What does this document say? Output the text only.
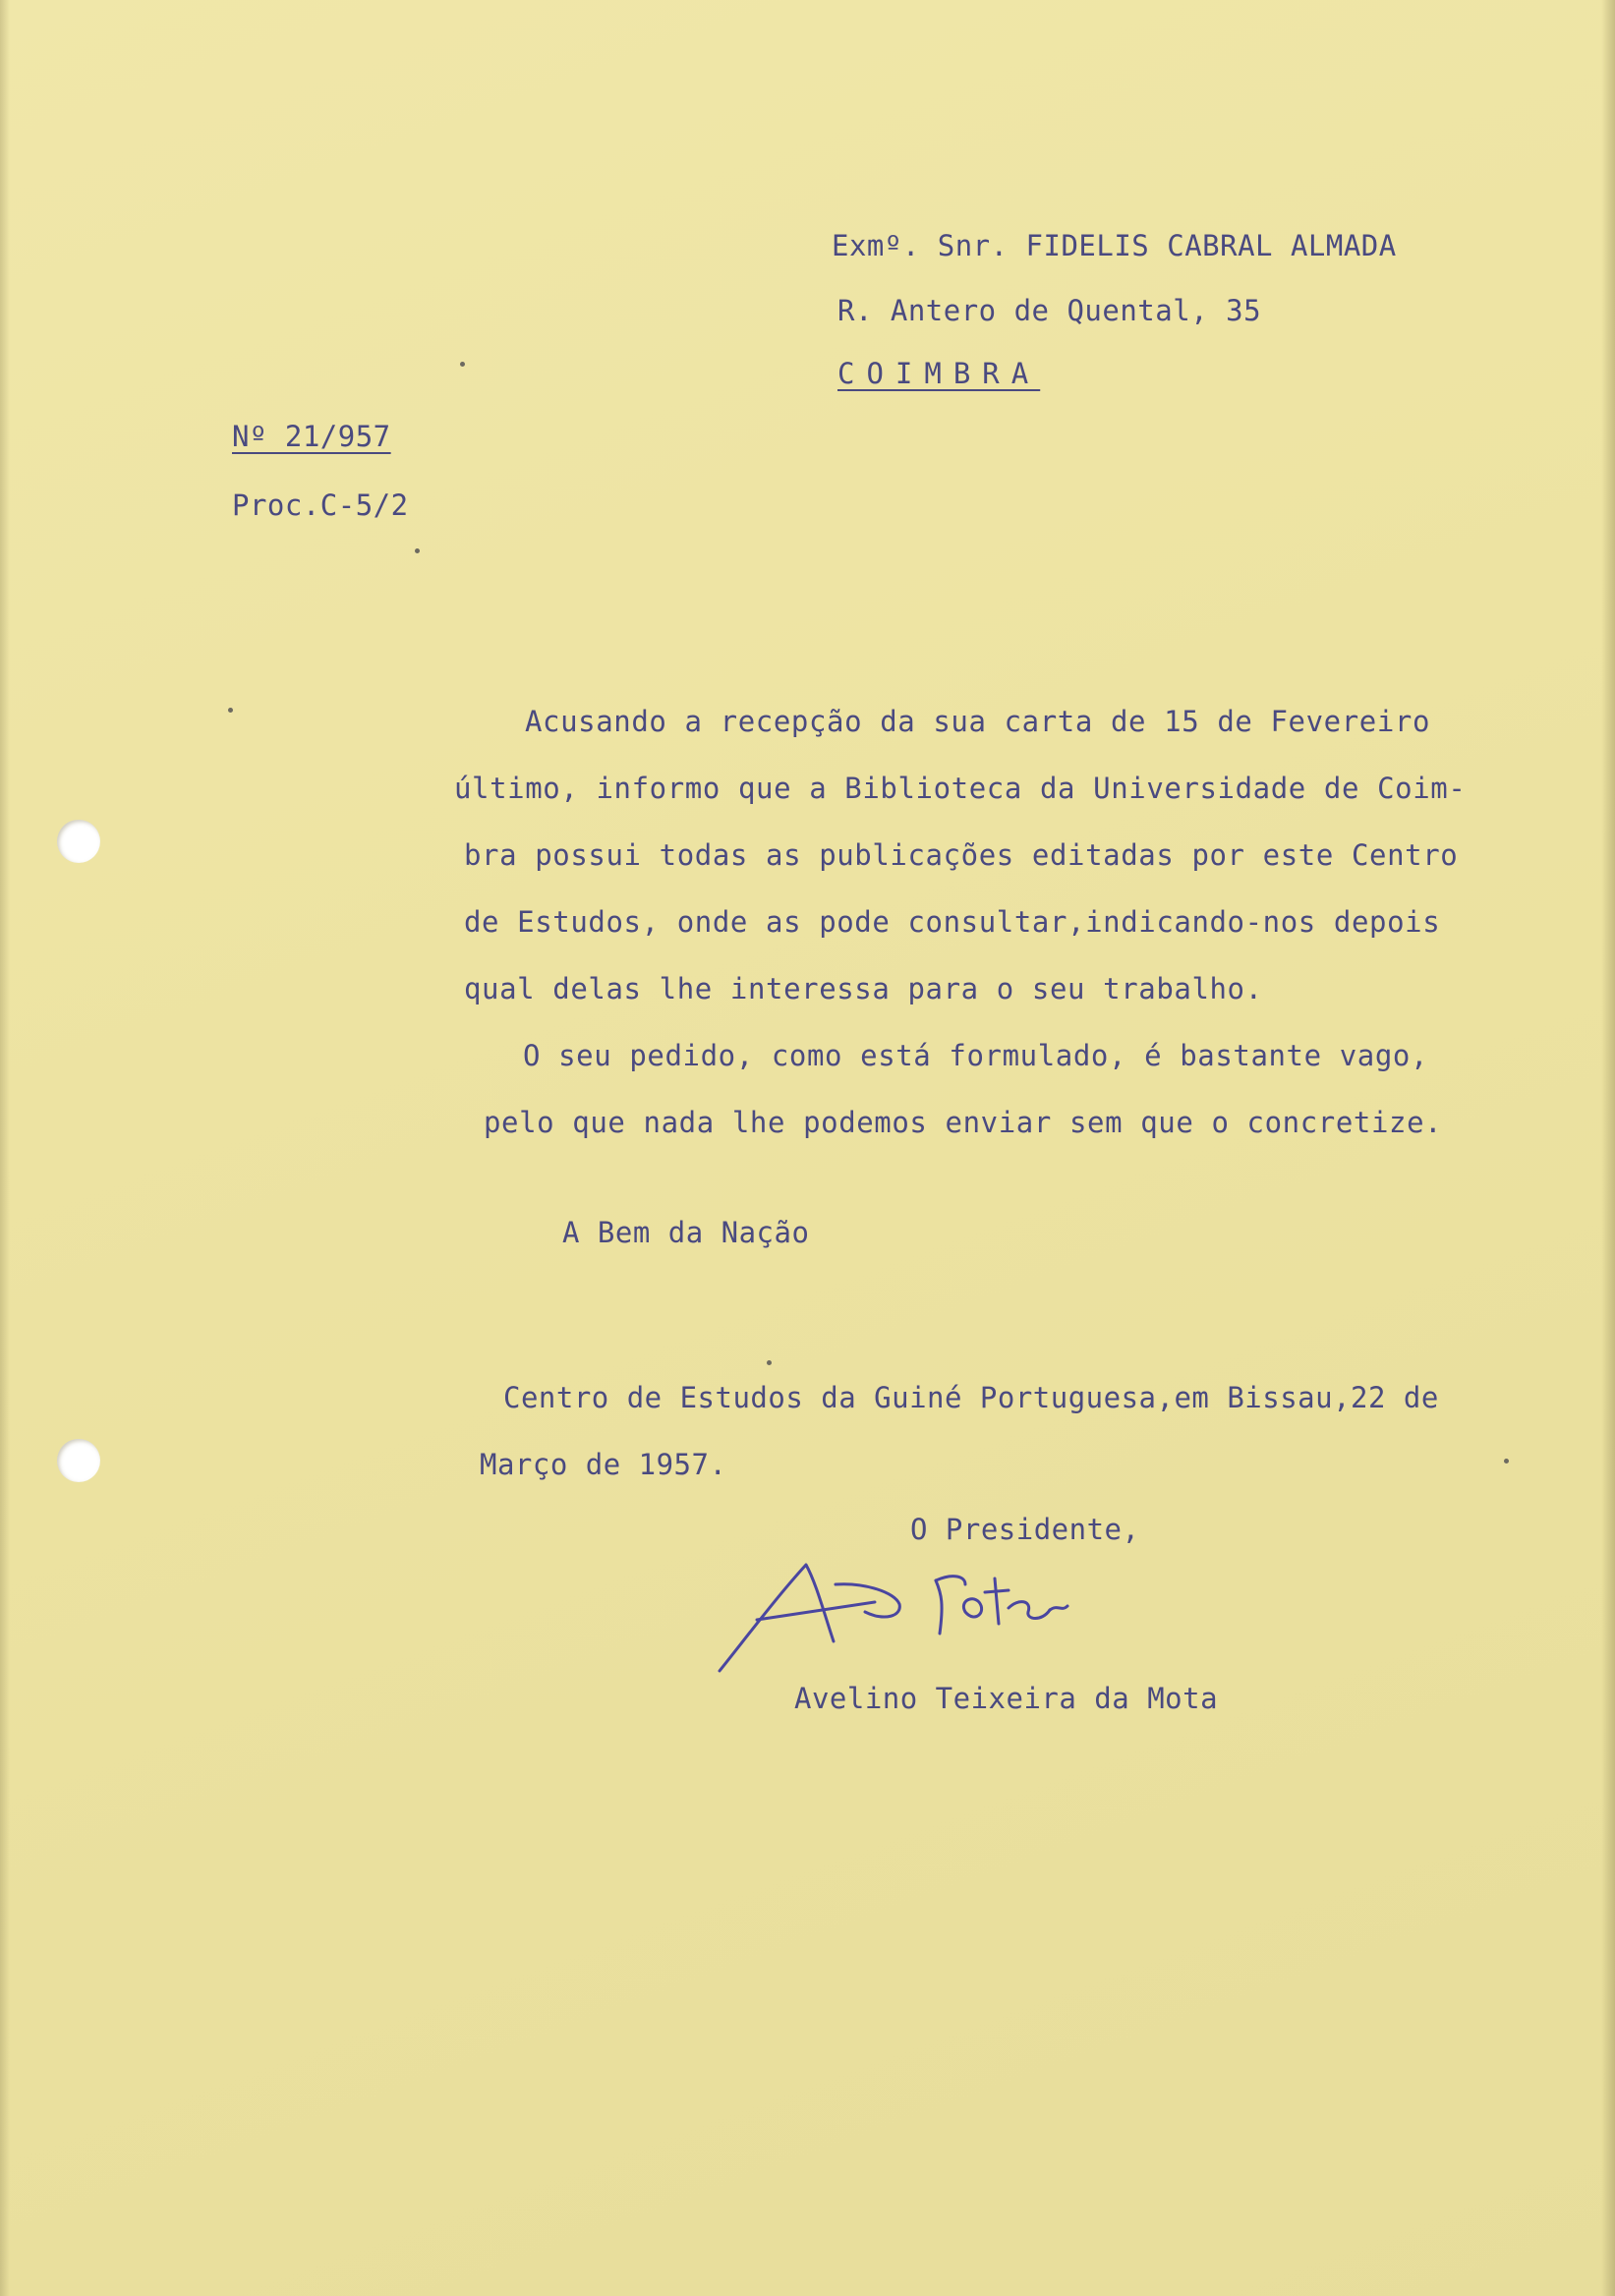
Exmº. Snr. FIDELIS CABRAL ALMADA
R. Antero de Quental, 35
COIMBRA
Nº 21/957
Proc.C-5/2
Acusando a recepção da sua carta de 15 de Fevereiro
último, informo que a Biblioteca da Universidade de Coim-
bra possui todas as publicações editadas por este Centro
de Estudos, onde as pode consultar,indicando-nos depois
qual delas lhe interessa para o seu trabalho.
O seu pedido, como está formulado, é bastante vago,
pelo que nada lhe podemos enviar sem que o concretize.
A Bem da Nação
Centro de Estudos da Guiné Portuguesa,em Bissau,22 de
Março de 1957.
O Presidente,
Avelino Teixeira da Mota
